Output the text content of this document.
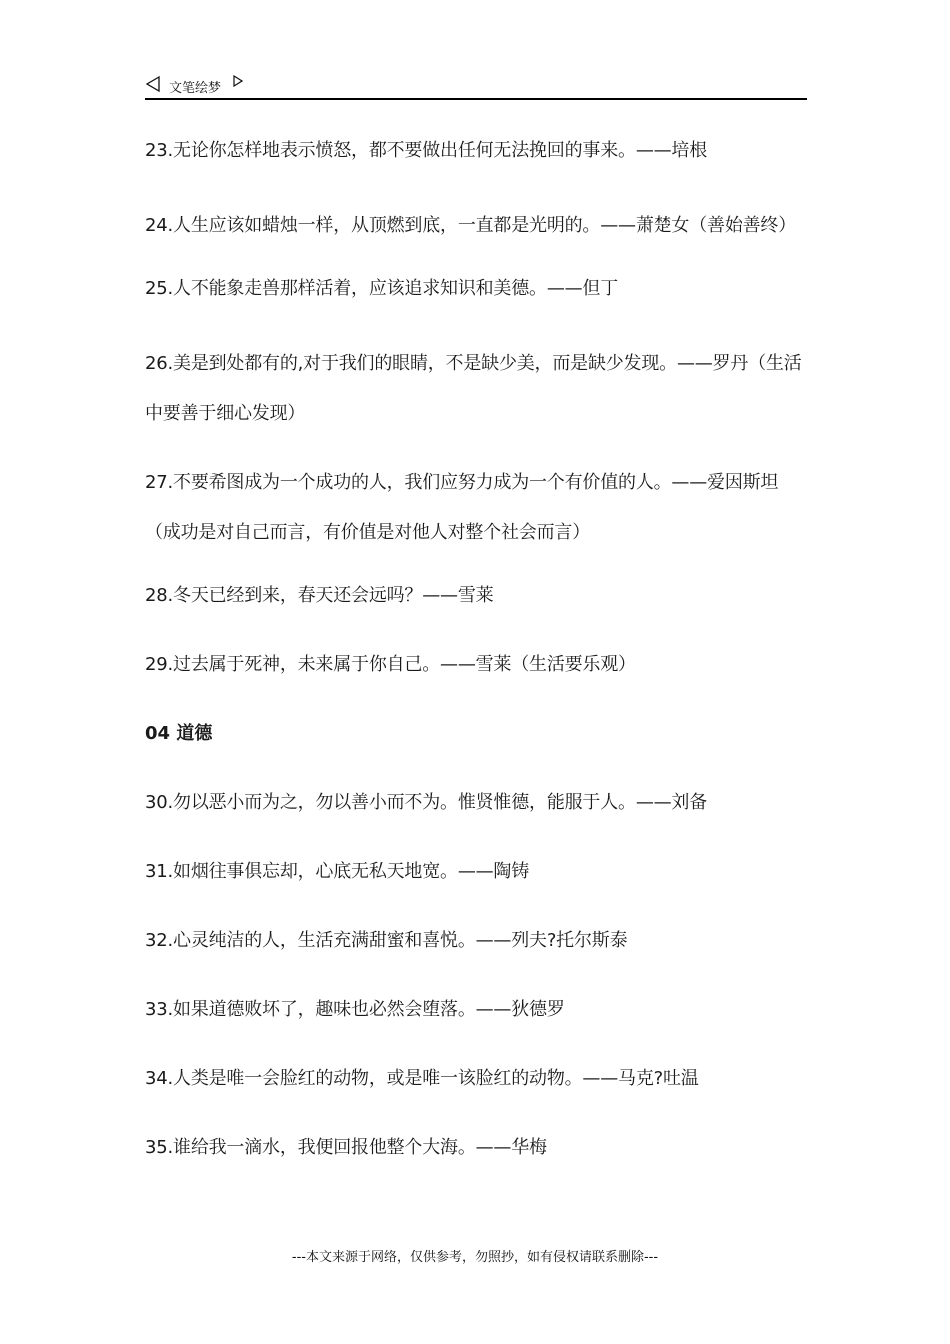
文笔绘梦

23.无论你怎样地表示愤怒，都不要做出任何无法挽回的事来。——培根

24.人生应该如蜡烛一样，从顶燃到底，一直都是光明的。——萧楚女（善始善终）

25.人不能象走兽那样活着，应该追求知识和美德。——但丁

26.美是到处都有的,对于我们的眼睛，不是缺少美，而是缺少发现。——罗丹（生活中要善于细心发现）

27.不要希图成为一个成功的人，我们应努力成为一个有价值的人。——爱因斯坦（成功是对自己而言，有价值是对他人对整个社会而言）

28.冬天已经到来，春天还会远吗？——雪莱

29.过去属于死神，未来属于你自己。——雪莱（生活要乐观）

04 道德

30.勿以恶小而为之，勿以善小而不为。惟贤惟德，能服于人。——刘备

31.如烟往事俱忘却，心底无私天地宽。——陶铸

32.心灵纯洁的人，生活充满甜蜜和喜悦。——列夫?托尔斯泰

33.如果道德败坏了，趣味也必然会堕落。——狄德罗

34.人类是唯一会脸红的动物，或是唯一该脸红的动物。——马克?吐温

35.谁给我一滴水，我便回报他整个大海。——华梅

---本文来源于网络，仅供参考，勿照抄，如有侵权请联系删除---
